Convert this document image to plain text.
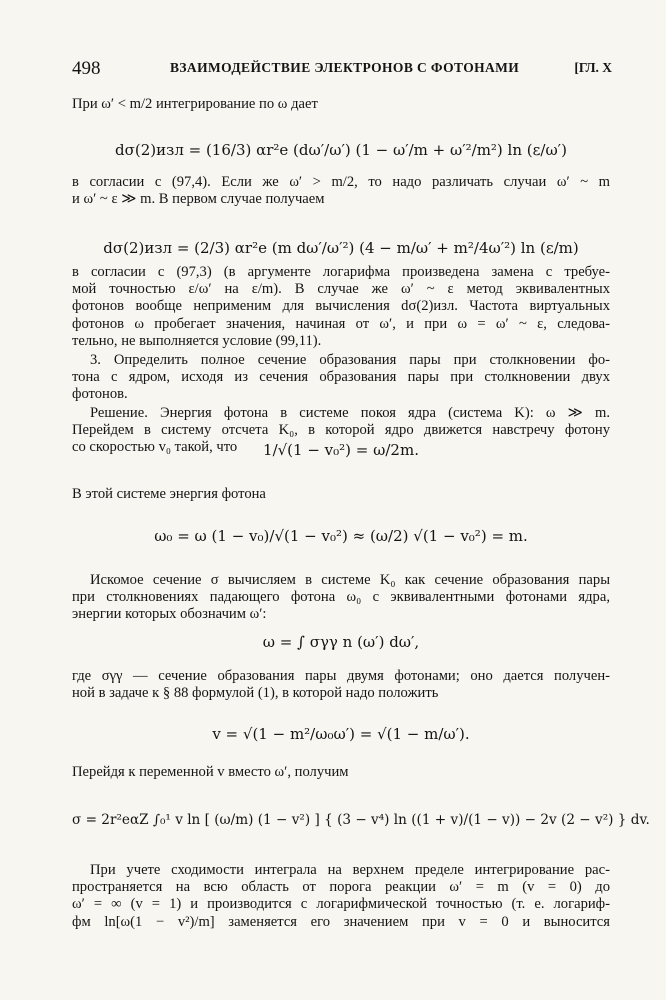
498	ВЗАИМОДЕЙСТВИЕ ЭЛЕКТРОНОВ С ФОТОНАМИ	[ГЛ. Х

При ω′ < m/2 интегрирование по ω дает

dσ(2)изл = (16/3) αr²e (dω′/ω′) (1 − ω′/m + ω′²/m²) ln (ε/ω′)

в согласии с (97,4). Если же ω′ > m/2, то надо различать случаи ω′ ~ m
и ω′ ~ ε ≫ m. В первом случае получаем

dσ(2)изл = (2/3) αr²e (m dω′/ω′²) (4 − m/ω′ + m²/4ω′²) ln (ε/m)

в согласии с (97,3) (в аргументе логарифма произведена замена с требуе-
мой точностью ε/ω′ на ε/m). В случае же ω′ ~ ε метод эквивалентных
фотонов вообще неприменим для вычисления dσ(2)изл. Частота виртуальных
фотонов ω пробегает значения, начиная от ω′, и при ω = ω′ ~ ε, следова-
тельно, не выполняется условие (99,11).

3. Определить полное сечение образования пары при столкновении фо-
тона с ядром, исходя из сечения образования пары при столкновении двух
фотонов.

Решение. Энергия фотона в системе покоя ядра (система K): ω ≫ m.
Перейдем в систему отсчета K₀, в которой ядро движется навстречу фотону
со скоростью v₀ такой, что	1/√(1 − v₀²) = ω/2m.

В этой системе энергия фотона

ω₀ = ω (1 − v₀)/√(1 − v₀²) ≈ (ω/2) √(1 − v₀²) = m.

Искомое сечение σ вычисляем в системе K₀ как сечение образования пары
при столкновениях падающего фотона ω₀ с эквивалентными фотонами ядра,
энергии которых обозначим ω′:

ω = ∫ σγγ n (ω′) dω′,

где σγγ — сечение образования пары двумя фотонами; оно дается получен-
ной в задаче к § 88 формулой (1), в которой надо положить

v = √(1 − m²/ω₀ω′) = √(1 − m/ω′).

Перейдя к переменной v вместо ω′, получим

σ = 2r²eαZ ∫₀¹ v ln [ (ω/m) (1 − v²) ] { (3 − v⁴) ln ((1 + v)/(1 − v)) − 2v (2 − v²) } dv.

При учете сходимости интеграла на верхнем пределе интегрирование рас-
пространяется на всю область от порога реакции ω′ = m (v = 0) до
ω′ = ∞ (v = 1) и производится с логарифмической точностью (т. е. логариф-
фм ln[ω(1 − v²)/m] заменяется его значением при v = 0 и выносится
